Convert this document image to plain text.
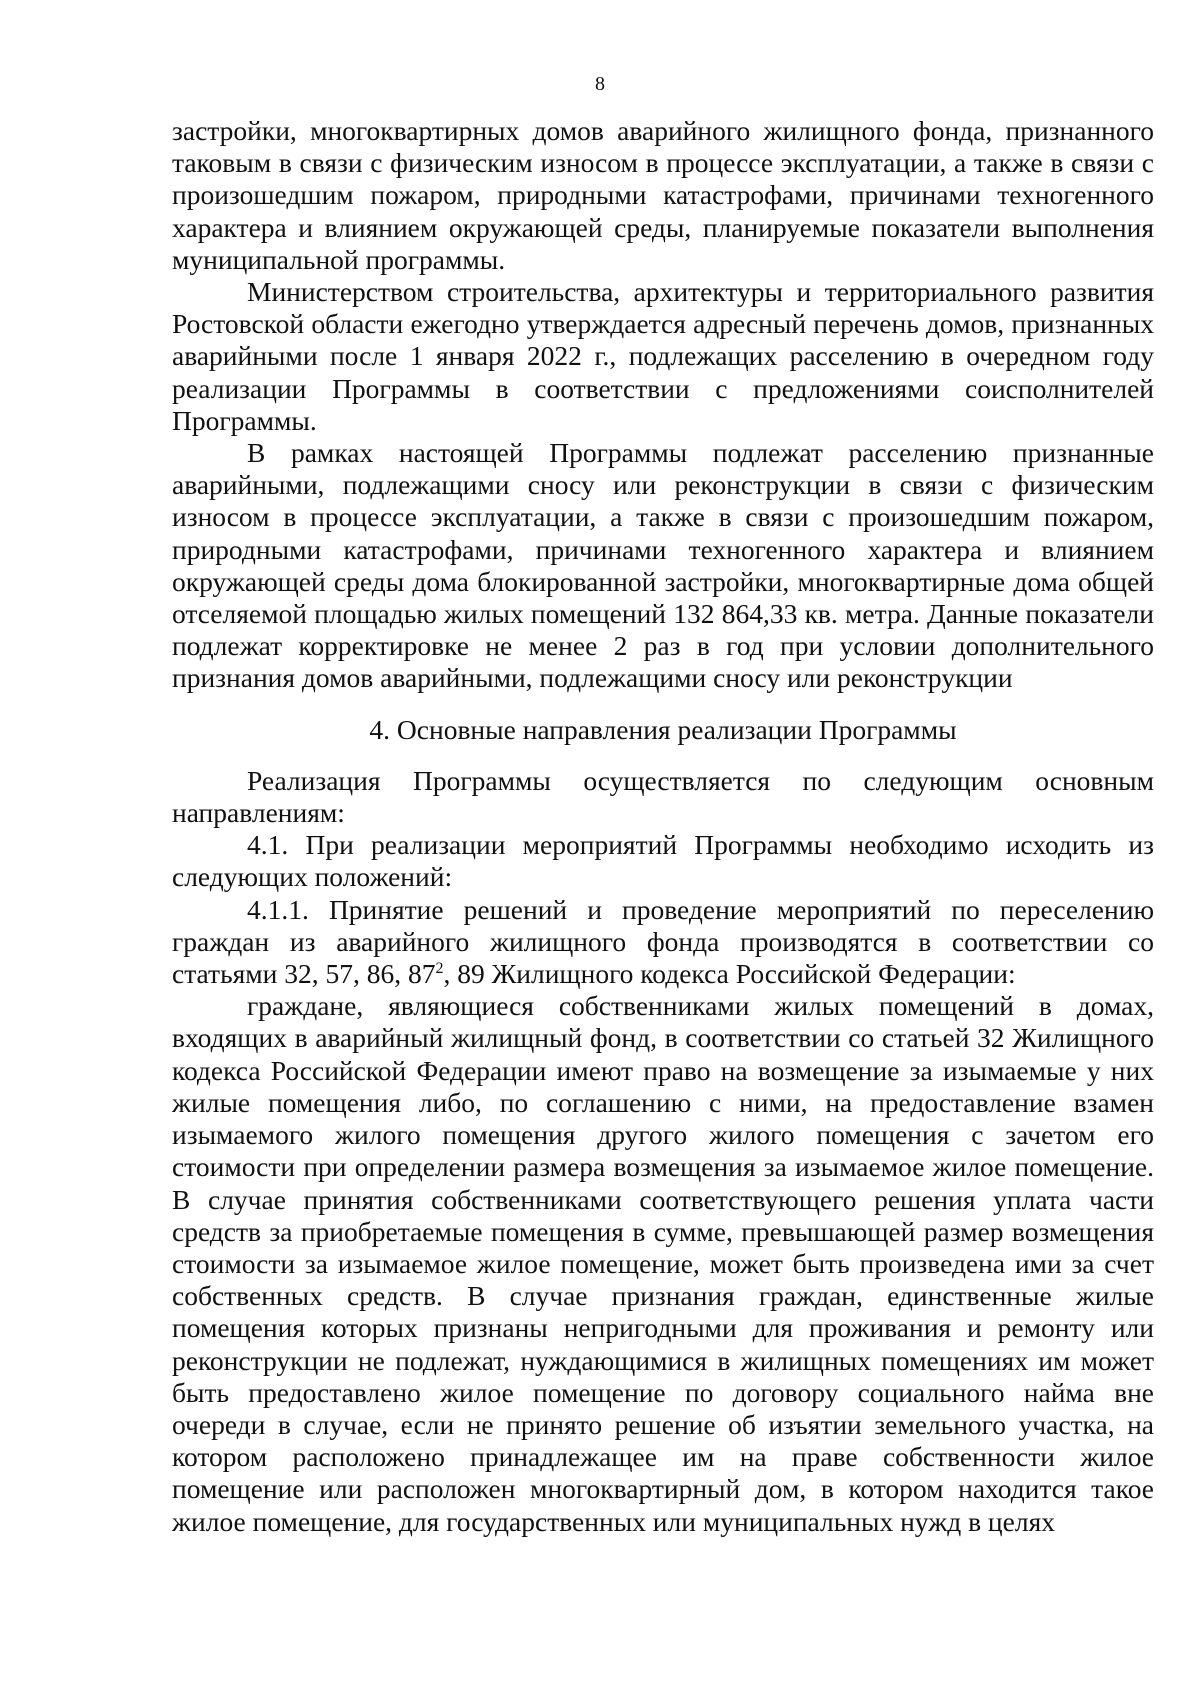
8

застройки, многоквартирных домов аварийного жилищного фонда, признанного таковым в связи с физическим износом в процессе эксплуатации, а также в связи с произошедшим пожаром, природными катастрофами, причинами техногенного характера и влиянием окружающей среды, планируемые показатели выполнения муниципальной программы.

Министерством строительства, архитектуры и территориального развития Ростовской области ежегодно утверждается адресный перечень домов, признанных аварийными после 1 января 2022 г., подлежащих расселению в очередном году реализации Программы в соответствии с предложениями соисполнителей Программы.

В рамках настоящей Программы подлежат расселению признанные аварийными, подлежащими сносу или реконструкции в связи с физическим износом в процессе эксплуатации, а также в связи с произошедшим пожаром, природными катастрофами, причинами техногенного характера и влиянием окружающей среды дома блокированной застройки, многоквартирные дома общей отселяемой площадью жилых помещений 132 864,33 кв. метра. Данные показатели подлежат корректировке не менее 2 раз в год при условии дополнительного признания домов аварийными, подлежащими сносу или реконструкции

4. Основные направления реализации Программы

Реализация Программы осуществляется по следующим основным направлениям:

4.1. При реализации мероприятий Программы необходимо исходить из следующих положений:

4.1.1. Принятие решений и проведение мероприятий по переселению граждан из аварийного жилищного фонда производятся в соответствии со статьями 32, 57, 86, $87^2$, 89 Жилищного кодекса Российской Федерации:

граждане, являющиеся собственниками жилых помещений в домах, входящих в аварийный жилищный фонд, в соответствии со статьей 32 Жилищного кодекса Российской Федерации имеют право на возмещение за изымаемые у них жилые помещения либо, по соглашению с ними, на предоставление взамен изымаемого жилого помещения другого жилого помещения с зачетом его стоимости при определении размера возмещения за изымаемое жилое помещение. В случае принятия собственниками соответствующего решения уплата части средств за приобретаемые помещения в сумме, превышающей размер возмещения стоимости за изымаемое жилое помещение, может быть произведена ими за счет собственных средств. В случае признания граждан, единственные жилые помещения которых признаны непригодными для проживания и ремонту или реконструкции не подлежат, нуждающимися в жилищных помещениях им может быть предоставлено жилое помещение по договору социального найма вне очереди в случае, если не принято решение об изъятии земельного участка, на котором расположено принадлежащее им на праве собственности жилое помещение или расположен многоквартирный дом, в котором находится такое жилое помещение, для государственных или муниципальных нужд в целях
